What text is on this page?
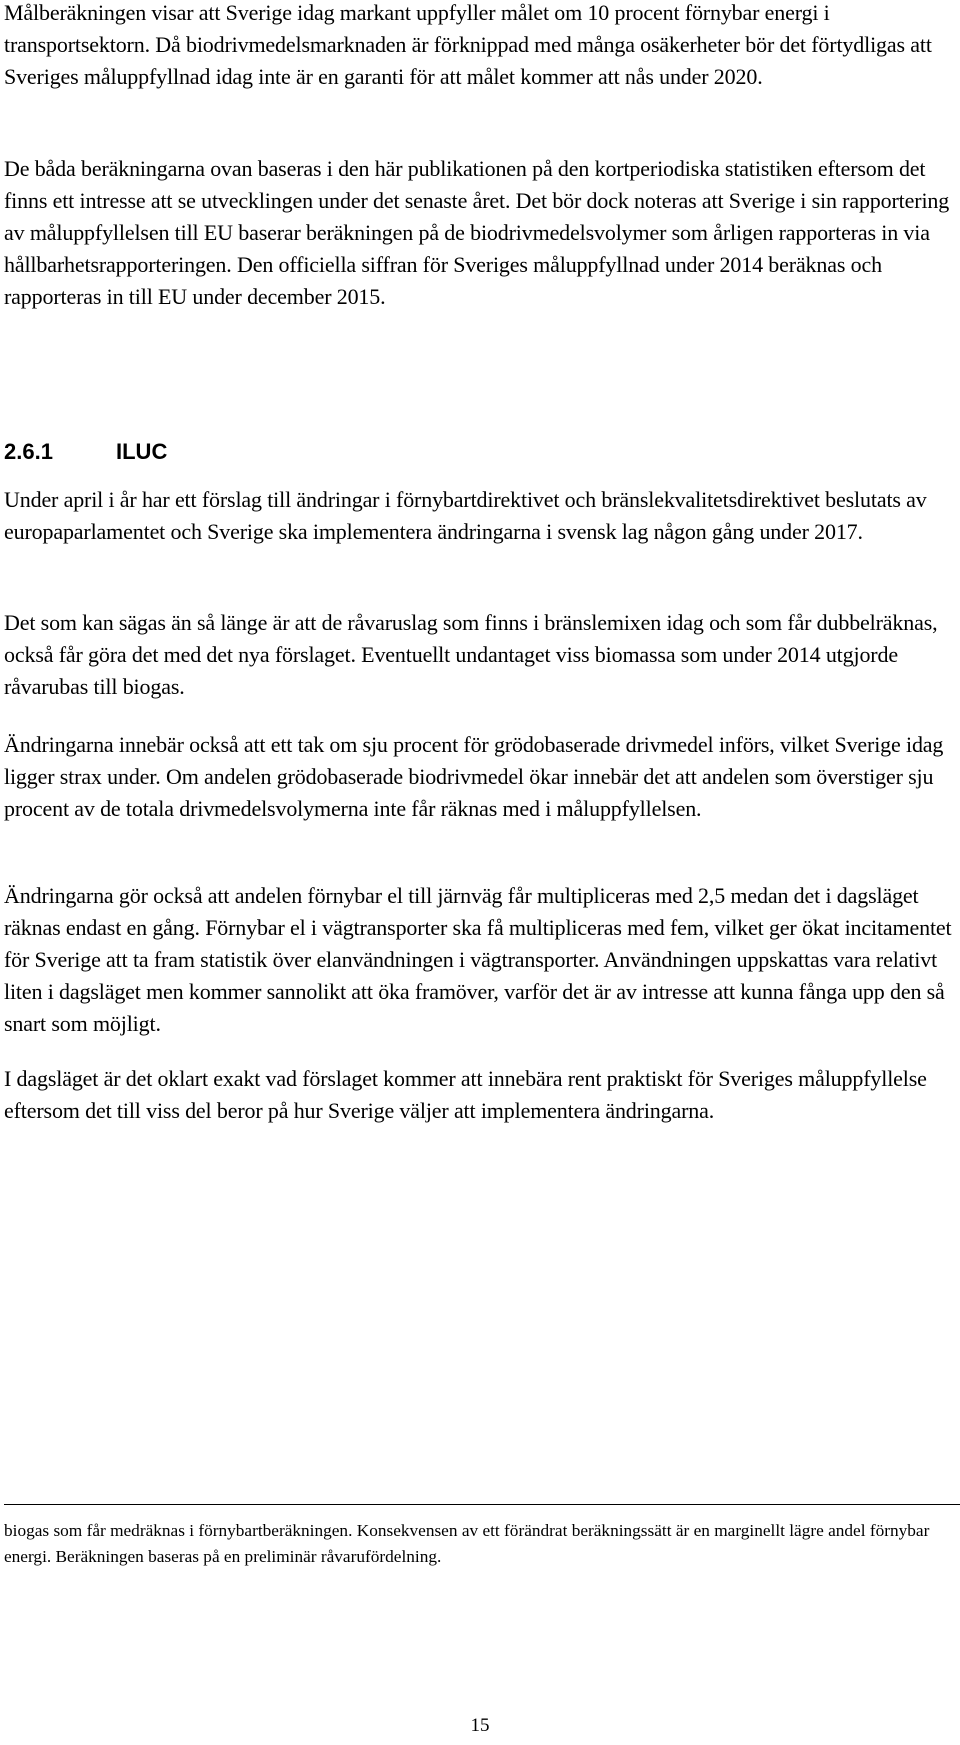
Målberäkningen visar att Sverige idag markant uppfyller målet om 10 procent förnybar energi i transportsektorn. Då biodrivmedelsmarknaden är förknippad med många osäkerheter bör det förtydligas att Sveriges måluppfyllnad idag inte är en garanti för att målet kommer att nås under 2020.

De båda beräkningarna ovan baseras i den här publikationen på den kortperiodiska statistiken eftersom det finns ett intresse att se utvecklingen under det senaste året. Det bör dock noteras att Sverige i sin rapportering av måluppfyllelsen till EU baserar beräkningen på de biodrivmedelsvolymer som årligen rapporteras in via hållbarhetsrapporteringen. Den officiella siffran för Sveriges måluppfyllnad under 2014 beräknas och rapporteras in till EU under december 2015.

2.6.1	ILUC

Under april i år har ett förslag till ändringar i förnybartdirektivet och bränslekvalitetsdirektivet beslutats av europaparlamentet och Sverige ska implementera ändringarna i svensk lag någon gång under 2017.

Det som kan sägas än så länge är att de råvaruslag som finns i bränslemixen idag och som får dubbelräknas, också får göra det med det nya förslaget. Eventuellt undantaget viss biomassa som under 2014 utgjorde råvarubas till biogas.

Ändringarna innebär också att ett tak om sju procent för grödobaserade drivmedel införs, vilket Sverige idag ligger strax under. Om andelen grödobaserade biodrivmedel ökar innebär det att andelen som överstiger sju procent av de totala drivmedelsvolymerna inte får räknas med i måluppfyllelsen.

Ändringarna gör också att andelen förnybar el till järnväg får multipliceras med 2,5 medan det i dagsläget räknas endast en gång. Förnybar el i vägtransporter ska få multipliceras med fem, vilket ger ökat incitamentet för Sverige att ta fram statistik över elanvändningen i vägtransporter. Användningen uppskattas vara relativt liten i dagsläget men kommer sannolikt att öka framöver, varför det är av intresse att kunna fånga upp den så snart som möjligt.

I dagsläget är det oklart exakt vad förslaget kommer att innebära rent praktiskt för Sveriges måluppfyllelse eftersom det till viss del beror på hur Sverige väljer att implementera ändringarna.

biogas som får medräknas i förnybartberäkningen. Konsekvensen av ett förändrat beräkningssätt är en marginellt lägre andel förnybar energi. Beräkningen baseras på en preliminär råvarufördelning.

15
